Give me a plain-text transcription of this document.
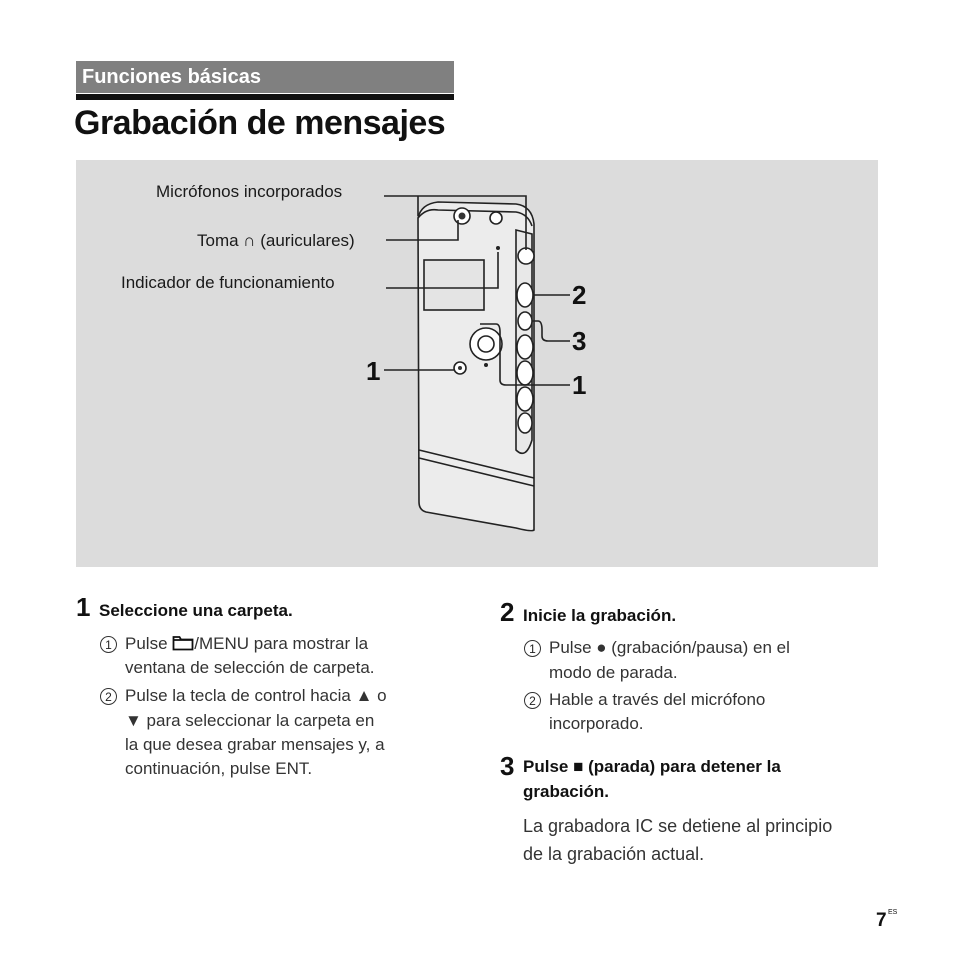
Funciones básicas
Grabación de mensajes
Micrófonos incorporados
Toma ∩ (auriculares)
Indicador de funcionamiento
1
2
3
1
1 Seleccione una carpeta.
1 Pulse /MENU para mostrar la
ventana de selección de carpeta.
2 Pulse la tecla de control hacia ▲ o
▼ para seleccionar la carpeta en
la que desea grabar mensajes y, a
continuación, pulse ENT.
2 Inicie la grabación.
1 Pulse ● (grabación/pausa) en el
modo de parada.
2 Hable a través del micrófono
incorporado.
3 Pulse ■ (parada) para detener la
grabación.
La grabadora IC se detiene al principio
de la grabación actual.
7 ES
